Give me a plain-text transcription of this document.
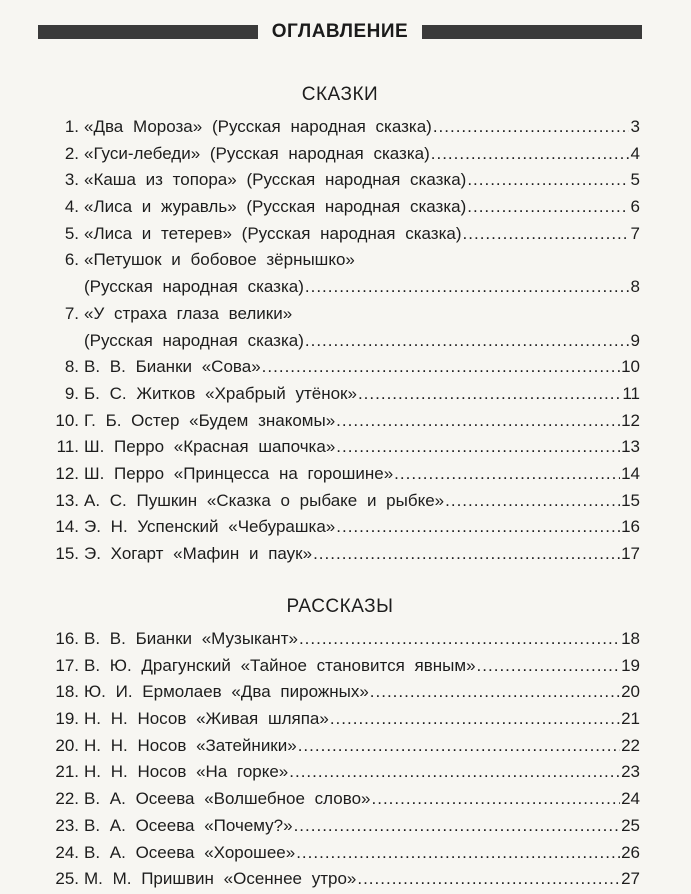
ОГЛАВЛЕНИЕ
СКАЗКИ
1. «Два Мороза» (Русская народная сказка) .....	3
2. «Гуси-лебеди» (Русская народная сказка) .....	4
3. «Каша из топора» (Русская народная сказка) .....	5
4. «Лиса и журавль» (Русская народная сказка) .....	6
5. «Лиса и тетерев» (Русская народная сказка) .....	7
6. «Петушок и бобовое зёрнышко»
(Русская народная сказка) .....	8
7. «У страха глаза велики»
(Русская народная сказка) .....	9
8. В. В. Бианки «Сова» .....	10
9. Б. С. Житков «Храбрый утёнок» .....	11
10. Г. Б. Остер «Будем знакомы» .....	12
11. Ш. Перро «Красная шапочка» .....	13
12. Ш. Перро «Принцесса на горошине» .....	14
13. А. С. Пушкин «Сказка о рыбаке и рыбке» .....	15
14. Э. Н. Успенский «Чебурашка» .....	16
15. Э. Хогарт «Мафин и паук» .....	17
РАССКАЗЫ
16. В. В. Бианки «Музыкант» .....	18
17. В. Ю. Драгунский «Тайное становится явным» .....	19
18. Ю. И. Ермолаев «Два пирожных» .....	20
19. Н. Н. Носов «Живая шляпа» .....	21
20. Н. Н. Носов «Затейники» .....	22
21. Н. Н. Носов «На горке» .....	23
22. В. А. Осеева «Волшебное слово» .....	24
23. В. А. Осеева «Почему?» .....	25
24. В. А. Осеева «Хорошее» .....	26
25. М. М. Пришвин «Осеннее утро» .....	27
